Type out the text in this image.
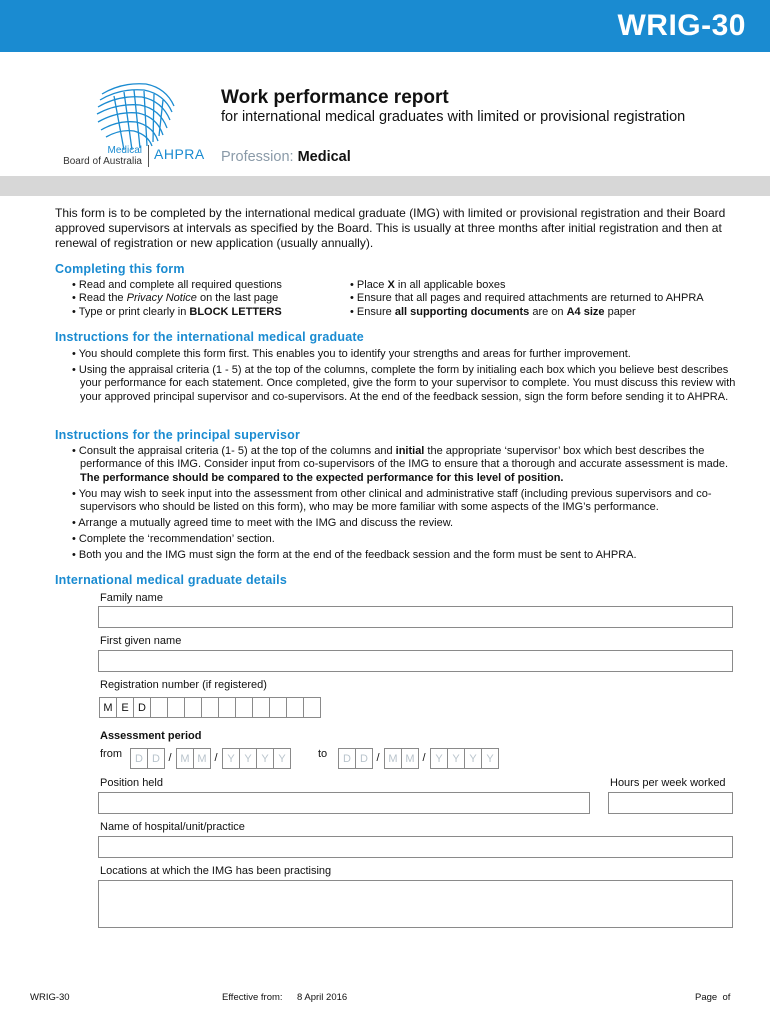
WRIG-30
Medical
Board of Australia AHPRA
Work performance report
for international medical graduates with limited or provisional registration
Profession: Medical
This form is to be completed by the international medical graduate (IMG) with limited or provisional registration and their Board approved supervisors at intervals as specified by the Board. This is usually at three months after initial registration and then at renewal of registration or new application (usually annually).
Completing this form
• Read and complete all required questions
• Read the Privacy Notice on the last page
• Type or print clearly in BLOCK LETTERS
• Place X in all applicable boxes
• Ensure that all pages and required attachments are returned to AHPRA
• Ensure all supporting documents are on A4 size paper
Instructions for the international medical graduate
• You should complete this form first. This enables you to identify your strengths and areas for further improvement.
• Using the appraisal criteria (1 - 5) at the top of the columns, complete the form by initialing each box which you believe best describes your performance for each statement. Once completed, give the form to your supervisor to complete. You must discuss this review with your approved principal supervisor and co-supervisors. At the end of the feedback session, sign the form before sending it to AHPRA.
Instructions for the principal supervisor
• Consult the appraisal criteria (1- 5) at the top of the columns and initial the appropriate ‘supervisor’ box which best describes the performance of this IMG. Consider input from co-supervisors of the IMG to ensure that a thorough and accurate assessment is made. The performance should be compared to the expected performance for this level of position.
• You may wish to seek input into the assessment from other clinical and administrative staff (including previous supervisors and co-supervisors who should be listed on this form), who may be more familiar with some aspects of the IMG’s performance.
• Arrange a mutually agreed time to meet with the IMG and discuss the review.
• Complete the ‘recommendation’ section.
• Both you and the IMG must sign the form at the end of the feedback session and the form must be sent to AHPRA.
International medical graduate details
Family name
First given name
Registration number (if registered)
M E D
Assessment period
from	D D / M M / Y Y Y Y	to	D D / M M / Y Y Y Y
Position held	Hours per week worked
Name of hospital/unit/practice
Locations at which the IMG has been practising
WRIG-30	Effective from: 8 April 2016	Page  of
